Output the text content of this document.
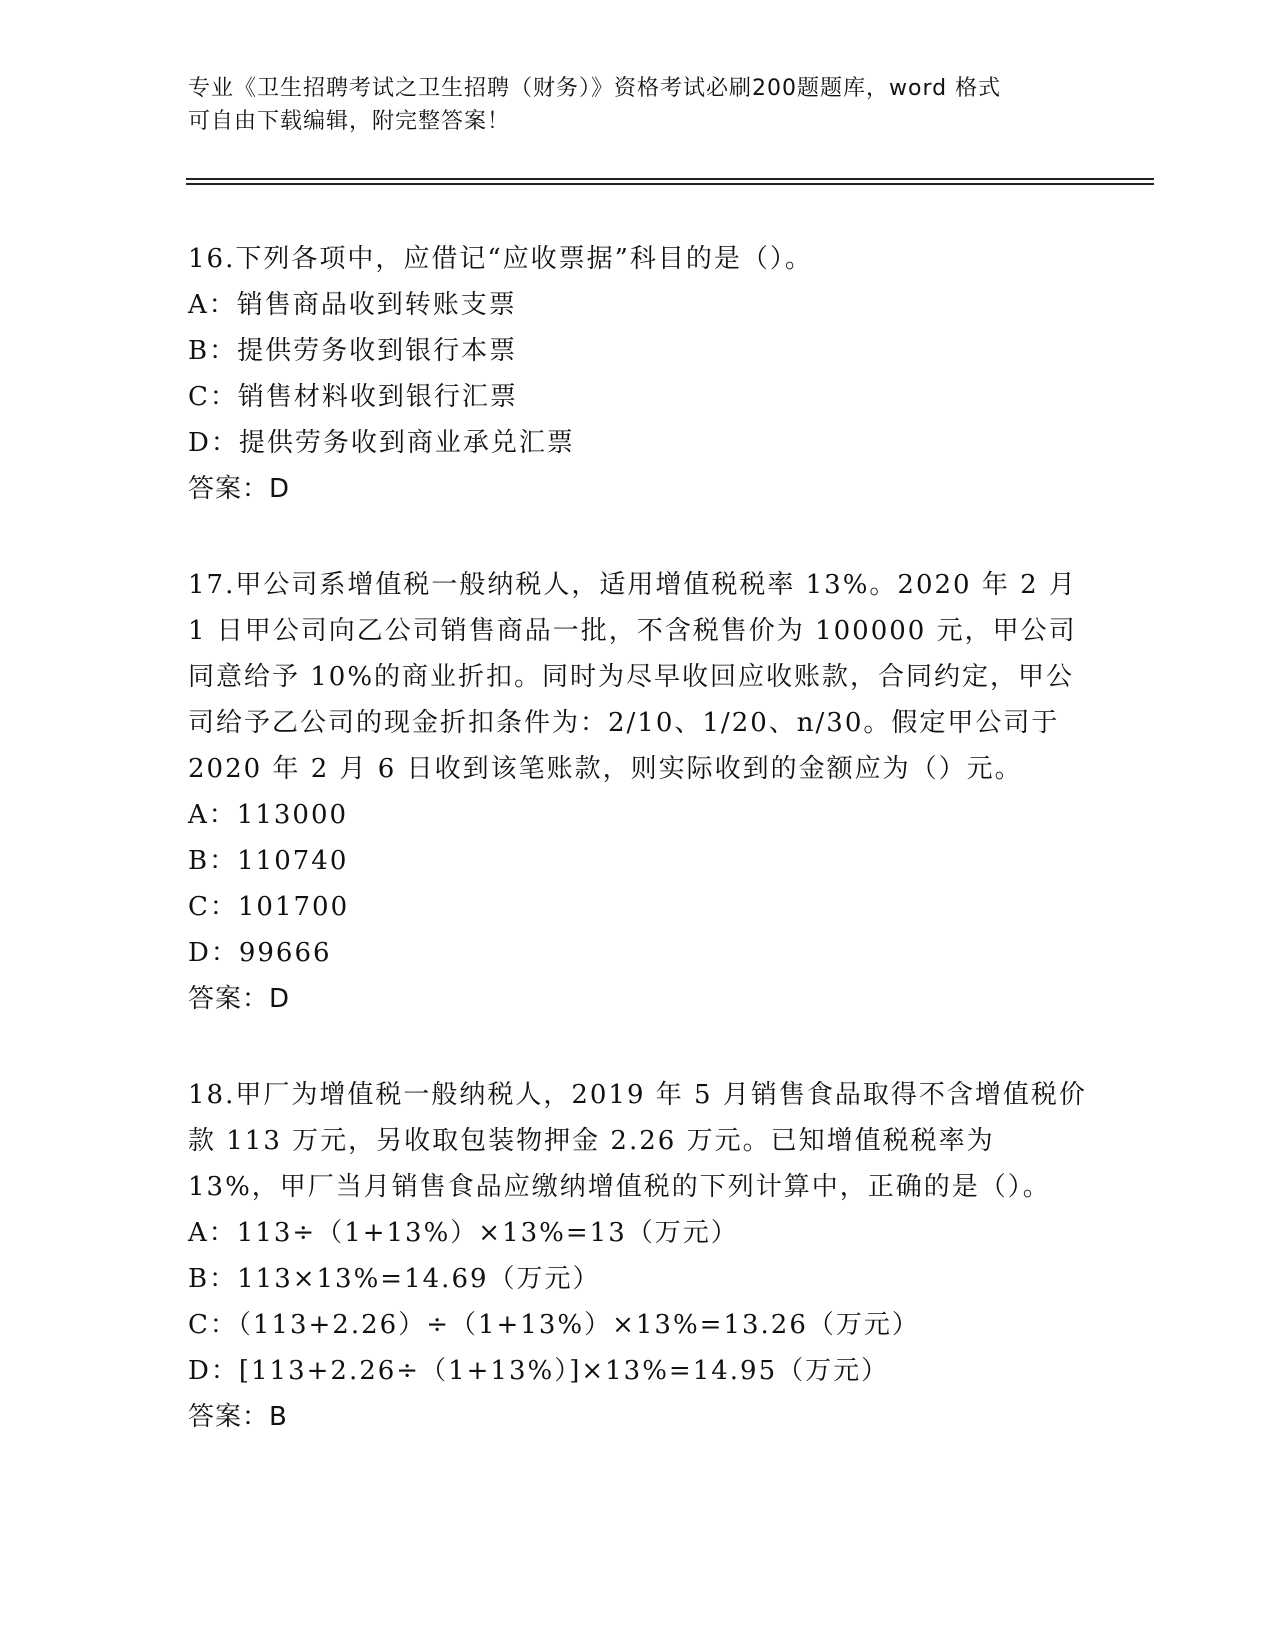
专业《卫生招聘考试之卫生招聘（财务）》资格考试必刷200题题库，word 格式
可自由下载编辑，附完整答案！

16.下列各项中，应借记“应收票据”科目的是（）。

A：销售商品收到转账支票

B：提供劳务收到银行本票

C：销售材料收到银行汇票

D：提供劳务收到商业承兑汇票

答案：D

17.甲公司系增值税一般纳税人，适用增值税税率 13%。2020 年 2 月 1 日甲公司向乙公司销售商品一批，不含税售价为 100000 元，甲公司同意给予 10%的商业折扣。同时为尽早收回应收账款，合同约定，甲公司给予乙公司的现金折扣条件为：2/10、1/20、n/30。假定甲公司于 2020 年 2 月 6 日收到该笔账款，则实际收到的金额应为（）元。

A：113000

B：110740

C：101700

D：99666

答案：D

18.甲厂为增值税一般纳税人，2019 年 5 月销售食品取得不含增值税价款 113 万元，另收取包装物押金 2.26 万元。已知增值税税率为 13%，甲厂当月销售食品应缴纳增值税的下列计算中，正确的是（）。

A：113÷（1+13%）×13%=13（万元）

B：113×13%=14.69（万元）

C：（113+2.26）÷（1+13%）×13%=13.26（万元）

D：[113+2.26÷（1+13%）]×13%=14.95（万元）

答案：B
